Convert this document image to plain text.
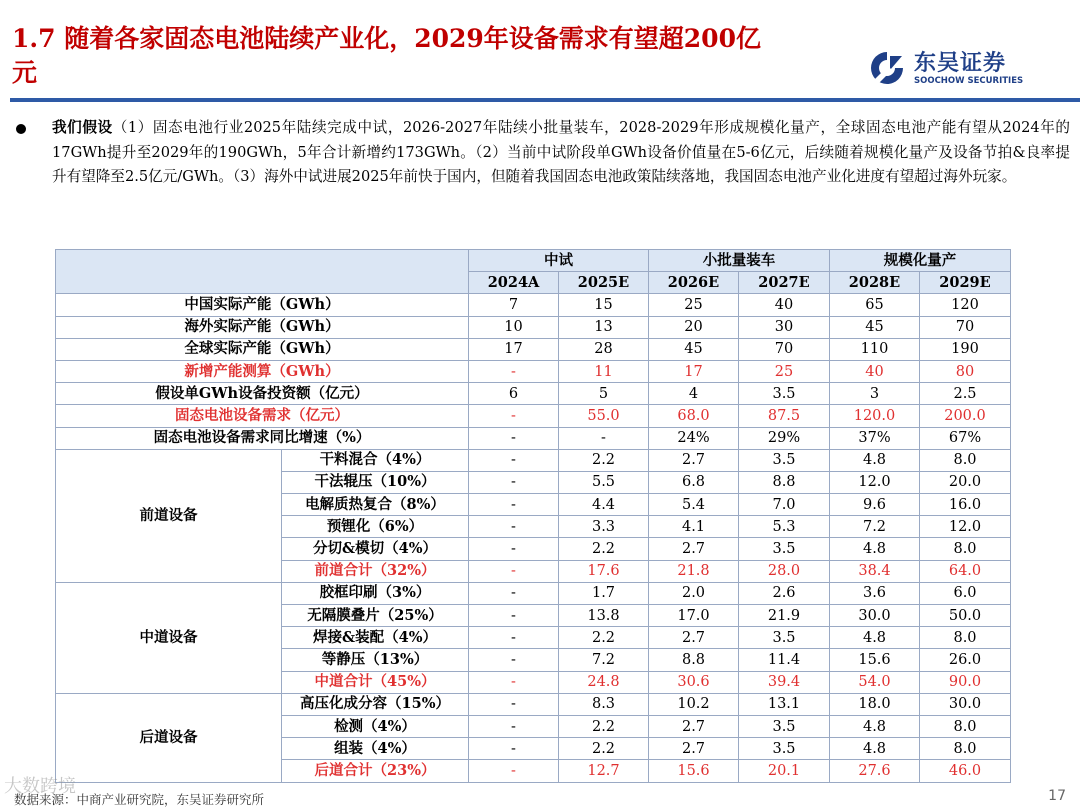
1.7 随着各家固态电池陆续产业化，2029年设备需求有望超200亿元	东吴证券
SOOCHOW SECURITIES
我们假设（1）固态电池行业2025年陆续完成中试，2026-2027年陆续小批量装车，2028-2029年形成规模化量产，全球固态电池产能有望从2024年的17GWh提升至2029年的190GWh，5年合计新增约173GWh。（2）当前中试阶段单GWh设备价值量在5-6亿元，后续随着规模化量产及设备节拍&良率提升有望降至2.5亿元/GWh。（3）海外中试进展2025年前快于国内，但随着我国固态电池政策陆续落地，我国固态电池产业化进度有望超过海外玩家。
		中试		小批量装车		规模化量产	
		2024A	2025E	2026E	2027E	2028E	2029E
中国实际产能（GWh）		7	15	25	40	65	120
海外实际产能（GWh）		10	13	20	30	45	70
全球实际产能（GWh）		17	28	45	70	110	190
新增产能测算（GWh）		-	11	17	25	40	80
假设单GWh设备投资额（亿元）		6	5	4	3.5	3	2.5
固态电池设备需求（亿元）		-	55.0	68.0	87.5	120.0	200.0
固态电池设备需求同比增速（%）		-	-	24%	29%	37%	67%
前道设备	干料混合（4%）	-	2.2	2.7	3.5	4.8	8.0
	干法辊压（10%）	-	5.5	6.8	8.8	12.0	20.0
	电解质热复合（8%）	-	4.4	5.4	7.0	9.6	16.0
	预锂化（6%）	-	3.3	4.1	5.3	7.2	12.0
	分切&模切（4%）	-	2.2	2.7	3.5	4.8	8.0
	前道合计（32%）	-	17.6	21.8	28.0	38.4	64.0
中道设备	胶框印刷（3%）	-	1.7	2.0	2.6	3.6	6.0
	无隔膜叠片（25%）	-	13.8	17.0	21.9	30.0	50.0
	焊接&装配（4%）	-	2.2	2.7	3.5	4.8	8.0
	等静压（13%）	-	7.2	8.8	11.4	15.6	26.0
	中道合计（45%）	-	24.8	30.6	39.4	54.0	90.0
后道设备	高压化成分容（15%）	-	8.3	10.2	13.1	18.0	30.0
	检测（4%）	-	2.2	2.7	3.5	4.8	8.0
	组装（4%）	-	2.2	2.7	3.5	4.8	8.0
	后道合计（23%）	-	12.7	15.6	20.1	27.6	46.0
大数跨境
数据来源：中商产业研究院，东吴证券研究所	17
